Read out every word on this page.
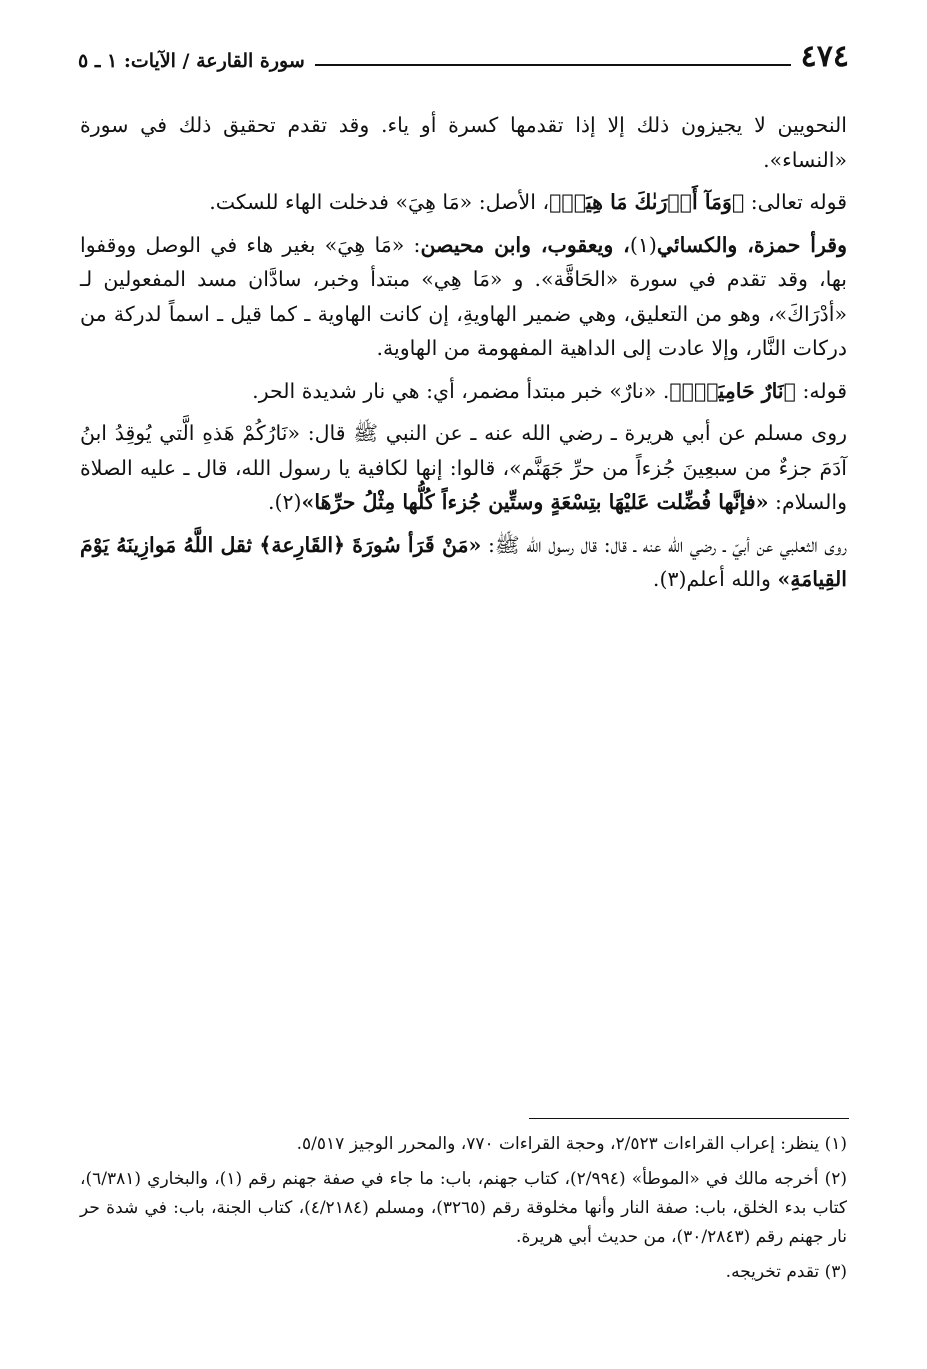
٤٧٤
سورة القارعة / الآيات: ١ ـ ٥

النحويين لا يجيزون ذلك إلا إذا تقدمها كسرة أو ياء. وقد تقدم تحقيق ذلك في سورة «النساء».

قوله تعالى: ﴿وَمَآ أَدۡرَىٰكَ مَا هِيَهۡ﴾، الأصل: «مَا هِيَ» فدخلت الهاء للسكت.

وقرأ حمزة، والكسائي(١)، ويعقوب، وابن محيصن: «مَا هِيَ» بغير هاء في الوصل ووقفوا بها، وقد تقدم في سورة «الحَاقَّة». و «مَا هِي» مبتدأ وخبر، سادَّان مسد المفعولين لـ «أدْرَاكَ»، وهو من التعليق، وهي ضمير الهاويةِ، إن كانت الهاوية ـ كما قيل ـ اسماً لدركة من دركات النَّار، وإلا عادت إلى الداهية المفهومة من الهاوية.

قوله: ﴿نَارٌ حَامِيَةٌۢ﴾. «نارٌ» خبر مبتدأ مضمر، أي: هي نار شديدة الحر.

روى مسلم عن أبي هريرة ـ رضي الله عنه ـ عن النبي ﷺ قال: «نَارُكُمْ هَذهِ الَّتي يُوقِدُ ابنُ آدَمَ جزءٌ من سبعِينَ جُزءاً من حرِّ جَهَنَّم»، قالوا: إنها لكافية يا رسول الله، قال ـ عليه الصلاة والسلام: «فإنَّها فُضِّلت عَليْهَا بتِسْعَةٍ وستِّين جُزءاً كُلُّها مِثْلُ حرِّهَا»(٢).

روى الثعلبي عن أبيّ ـ رضي الله عنه ـ قال: قال رسول الله ﷺ: «مَنْ قَرَأ سُورَةَ ﴿القَارِعة﴾ ثقل اللَّهُ مَوازِينَهُ يَوْمَ القِيامَةِ» والله أعلم(٣).

(١) ينظر: إعراب القراءات ٢/٥٢٣، وحجة القراءات ٧٧٠، والمحرر الوجيز ٥/٥١٧.

(٢) أخرجه مالك في «الموطأ» (٢/٩٩٤)، كتاب جهنم، باب: ما جاء في صفة جهنم رقم (١)، والبخاري (٦/٣٨١)، كتاب بدء الخلق، باب: صفة النار وأنها مخلوقة رقم (٣٢٦٥)، ومسلم (٤/٢١٨٤)، كتاب الجنة، باب: في شدة حر نار جهنم رقم (٣٠/٢٨٤٣)، من حديث أبي هريرة.

(٣) تقدم تخريجه.
